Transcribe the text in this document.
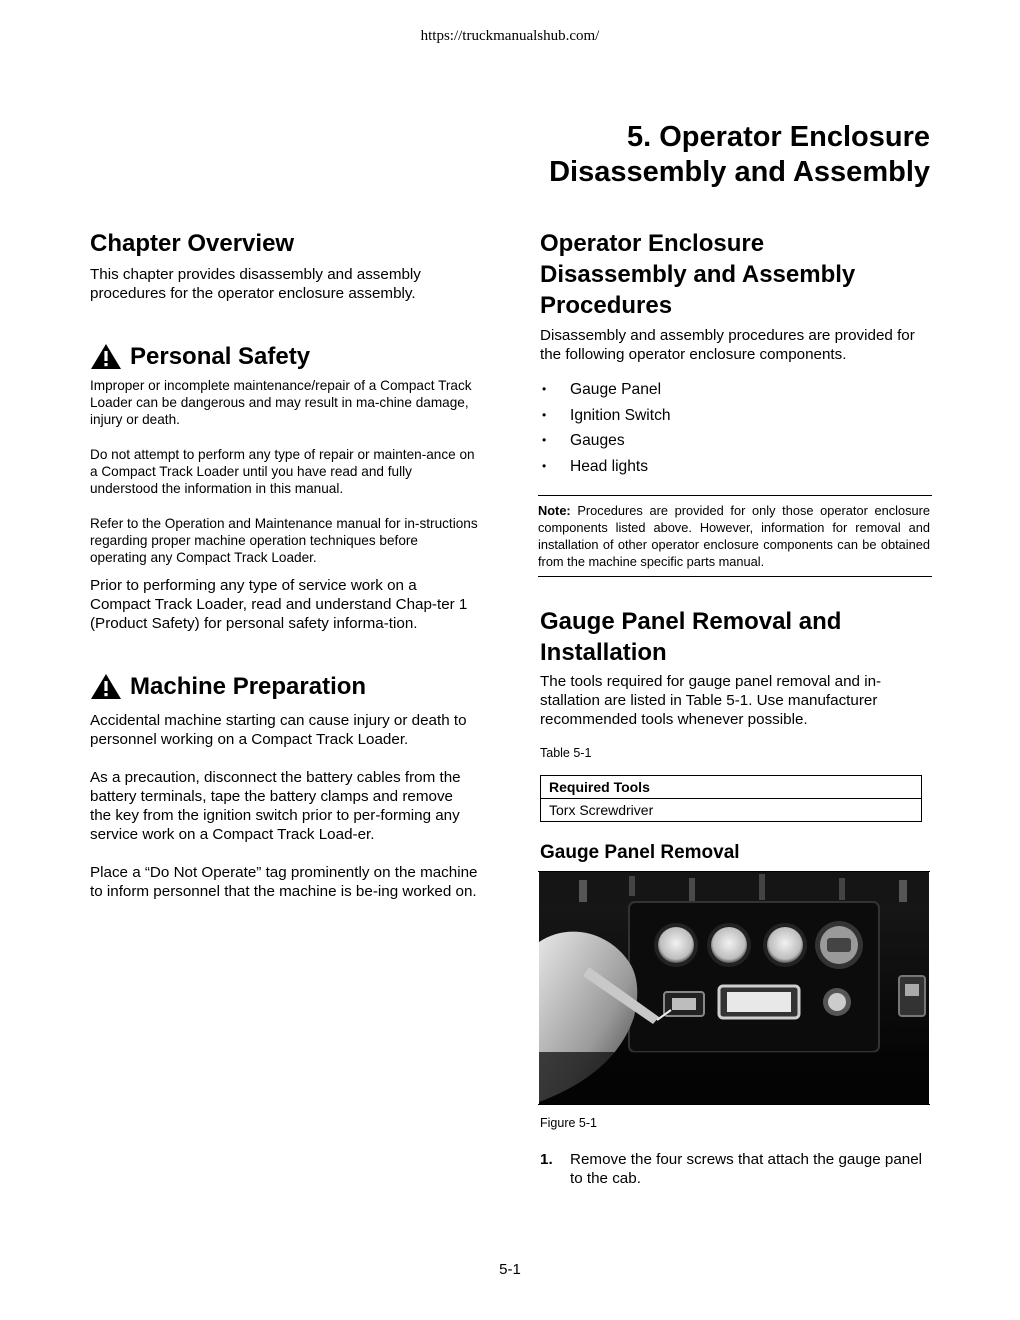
https://truckmanualshub.com/
5. Operator Enclosure
Disassembly and Assembly
Chapter Overview

This chapter provides disassembly and assembly procedures for the operator enclosure assembly.

Personal Safety

Improper or incomplete maintenance/repair of a Compact Track Loader can be dangerous and may result in ma-chine damage, injury or death.

Do not attempt to perform any type of repair or mainten-ance on a Compact Track Loader until you have read and fully understood the information in this manual.

Refer to the Operation and Maintenance manual for in-structions regarding proper machine operation techniques before operating any Compact Track Loader.

Prior to performing any type of service work on a Compact Track Loader, read and understand Chap-ter 1 (Product Safety) for personal safety informa-tion.

Machine Preparation

Accidental machine starting can cause injury or death to personnel working on a Compact Track Loader.

As a precaution, disconnect the battery cables from the battery terminals, tape the battery clamps and remove the key from the ignition switch prior to per-forming any service work on a Compact Track Load-er.

Place a “Do Not Operate” tag prominently on the machine to inform personnel that the machine is be-ing worked on.

Operator Enclosure
Disassembly and Assembly
Procedures

Disassembly and assembly procedures are provided for the following operator enclosure components.

• Gauge Panel
• Ignition Switch
• Gauges
• Head lights
Note: Procedures are provided for only those operator enclosure components listed above. However, information for removal and installation of other operator enclosure components can be obtained from the machine specific parts manual.
Gauge Panel Removal and
Installation

The tools required for gauge panel removal and in-stallation are listed in Table 5-1. Use manufacturer recommended tools whenever possible.

Table 5-1

Required Tools
Torx Screwdriver
Gauge Panel Removal

Figure 5-1

1.	Remove the four screws that attach the gauge panel to the cab.
5-1
